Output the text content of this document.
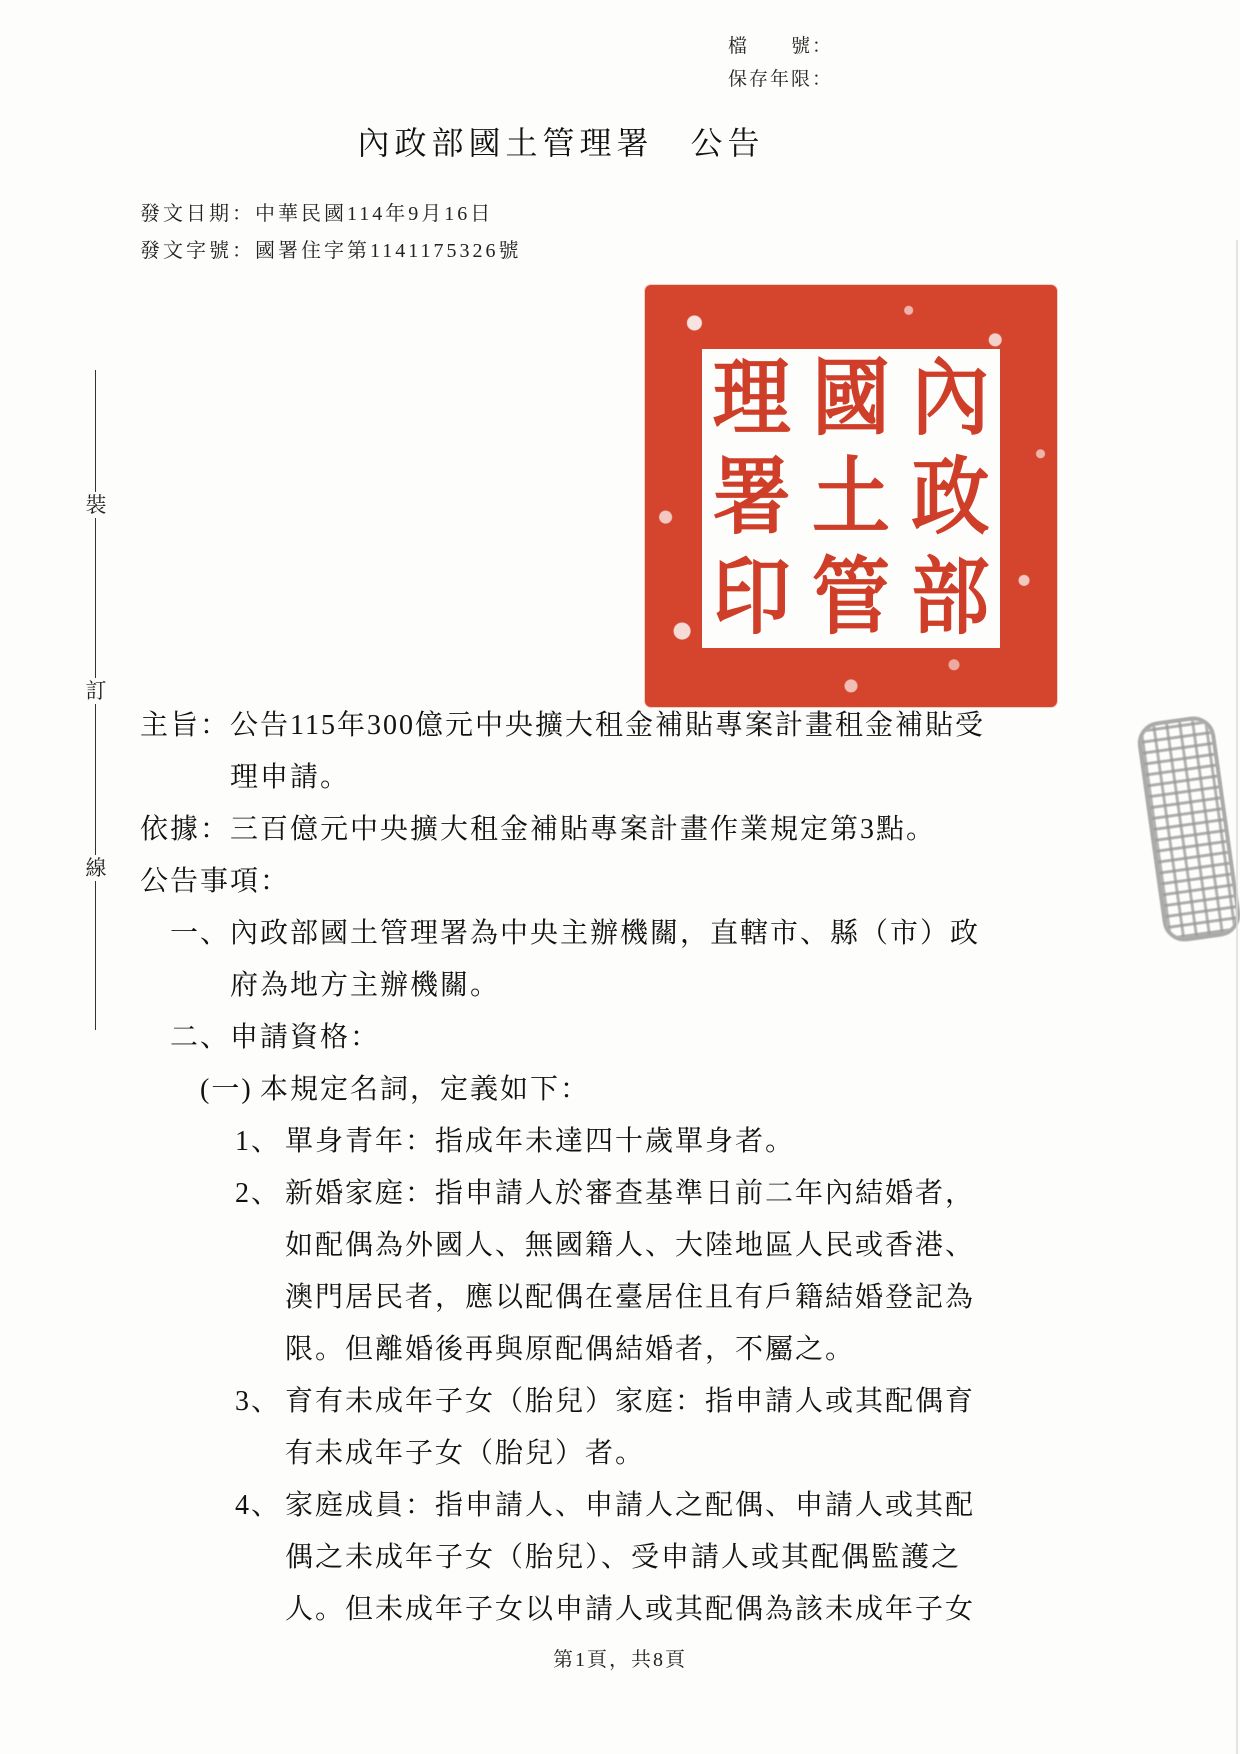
檔　　號：
保存年限：
內政部國土管理署　公告
發文日期：中華民國114年9月16日
發文字號：國署住字第1141175326號
內
政
部
國
土
管
理
署
印
裝
訂
線
主旨： 公告115年300億元中央擴大租金補貼專案計畫租金補貼受
理申請。
依據： 三百億元中央擴大租金補貼專案計畫作業規定第3點。
公告事項：
一、 內政部國土管理署為中央主辦機關，直轄市、縣（市）政
府為地方主辦機關。
二、 申請資格：
(一) 本規定名詞，定義如下：
1、 單身青年：指成年未達四十歲單身者。
2、 新婚家庭：指申請人於審查基準日前二年內結婚者，
如配偶為外國人、無國籍人、大陸地區人民或香港、
澳門居民者，應以配偶在臺居住且有戶籍結婚登記為
限。但離婚後再與原配偶結婚者，不屬之。
3、 育有未成年子女（胎兒）家庭：指申請人或其配偶育
有未成年子女（胎兒）者。
4、 家庭成員：指申請人、申請人之配偶、申請人或其配
偶之未成年子女（胎兒）、受申請人或其配偶監護之
人。但未成年子女以申請人或其配偶為該未成年子女
第1頁，共8頁
